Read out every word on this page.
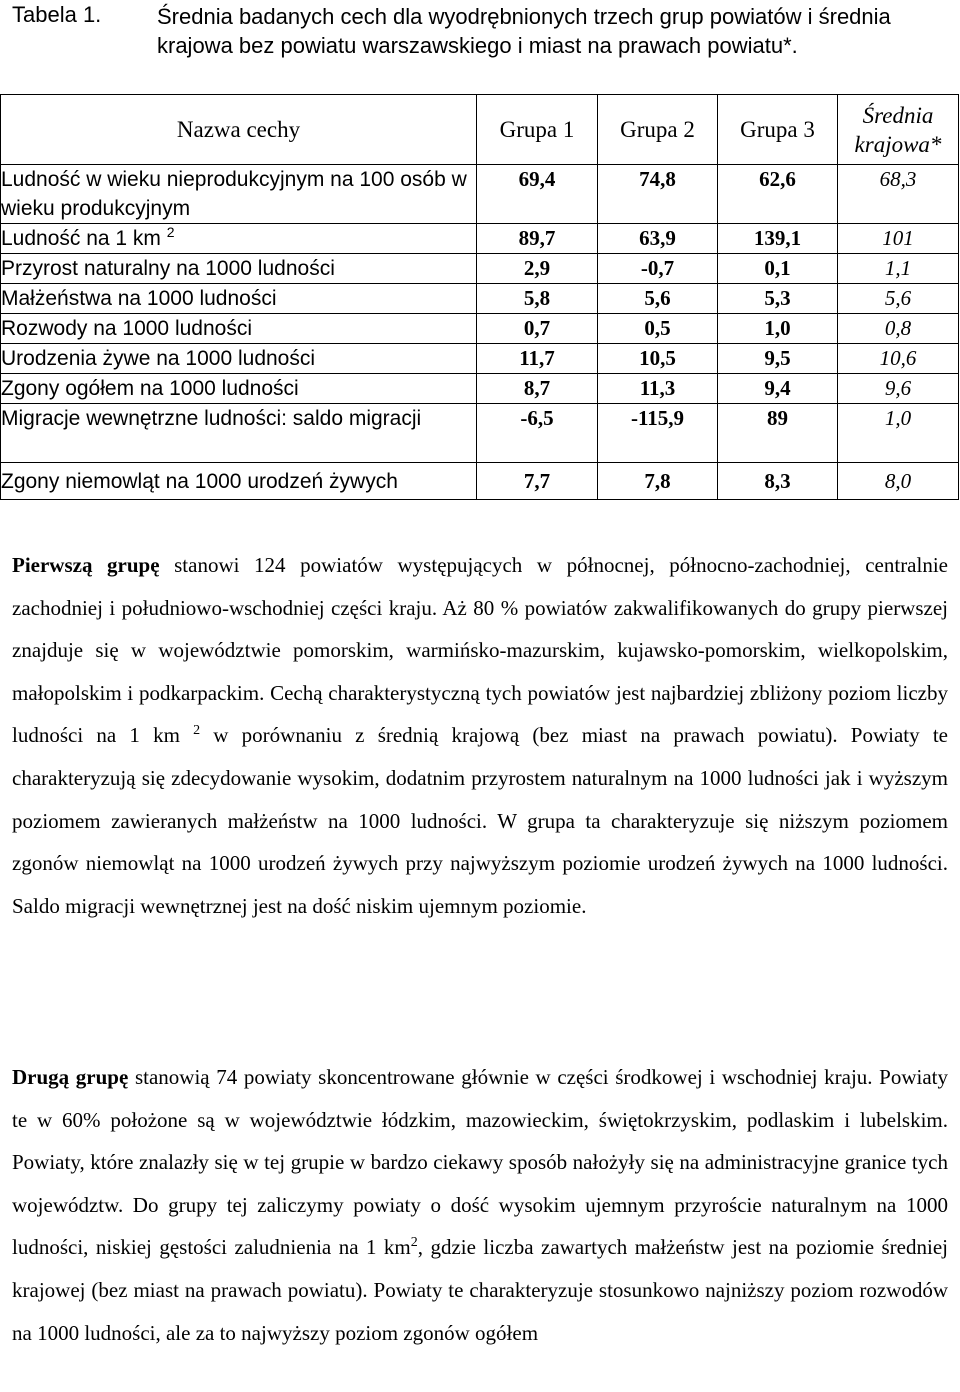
Tabela 1.	Średnia badanych cech dla wyodrębnionych trzech grup powiatów i średnia krajowa bez powiatu warszawskiego i miast na prawach powiatu*.
Nazwa cechy	Grupa 1	Grupa 2	Grupa 3	Średnia krajowa*
Ludność w wieku nieprodukcyjnym na 100 osób w wieku produkcyjnym	69,4	74,8	62,6	68,3
Ludność na 1 km $^2$	89,7	63,9	139,1	101
Przyrost naturalny na 1000 ludności	2,9	-0,7	0,1	1,1
Małżeństwa na 1000 ludności	5,8	5,6	5,3	5,6
Rozwody na 1000 ludności	0,7	0,5	1,0	0,8
Urodzenia żywe na 1000 ludności	11,7	10,5	9,5	10,6
Zgony ogółem na 1000 ludności	8,7	11,3	9,4	9,6
Migracje wewnętrzne ludności: saldo migracji	-6,5	-115,9	89	1,0
Zgony niemowląt na 1000 urodzeń żywych	7,7	7,8	8,3	8,0
Pierwszą grupę stanowi 124 powiatów występujących w północnej, północno-zachodniej, centralnie zachodniej i południowo-wschodniej części kraju. Aż 80 % powiatów zakwalifikowanych do grupy pierwszej znajduje się w województwie pomorskim, warmińsko-mazurskim, kujawsko-pomorskim, wielkopolskim, małopolskim i podkarpackim. Cechą charakterystyczną tych powiatów jest najbardziej zbliżony poziom liczby ludności na 1 km $^2$ w porównaniu z średnią krajową (bez miast na prawach powiatu). Powiaty te charakteryzują się zdecydowanie wysokim, dodatnim przyrostem naturalnym na 1000 ludności jak i wyższym poziomem zawieranych małżeństw na 1000 ludności. W grupa ta charakteryzuje się niższym poziomem zgonów niemowląt na 1000 urodzeń żywych przy najwyższym poziomie urodzeń żywych na 1000 ludności. Saldo migracji wewnętrznej jest na dość niskim ujemnym poziomie.
Drugą grupę stanowią 74 powiaty skoncentrowane głównie w części środkowej i wschodniej kraju. Powiaty te w 60% położone są w województwie łódzkim, mazowieckim, świętokrzyskim, podlaskim i lubelskim. Powiaty, które znalazły się w tej grupie w bardzo ciekawy sposób nałożyły się na administracyjne granice tych województw. Do grupy tej zaliczymy powiaty o dość wysokim ujemnym przyroście naturalnym na 1000 ludności, niskiej gęstości zaludnienia na 1 $km^2$, gdzie liczba zawartych małżeństw jest na poziomie średniej krajowej (bez miast na prawach powiatu). Powiaty te charakteryzuje stosunkowo najniższy poziom rozwodów na 1000 ludności, ale za to najwyższy poziom zgonów ogółem
